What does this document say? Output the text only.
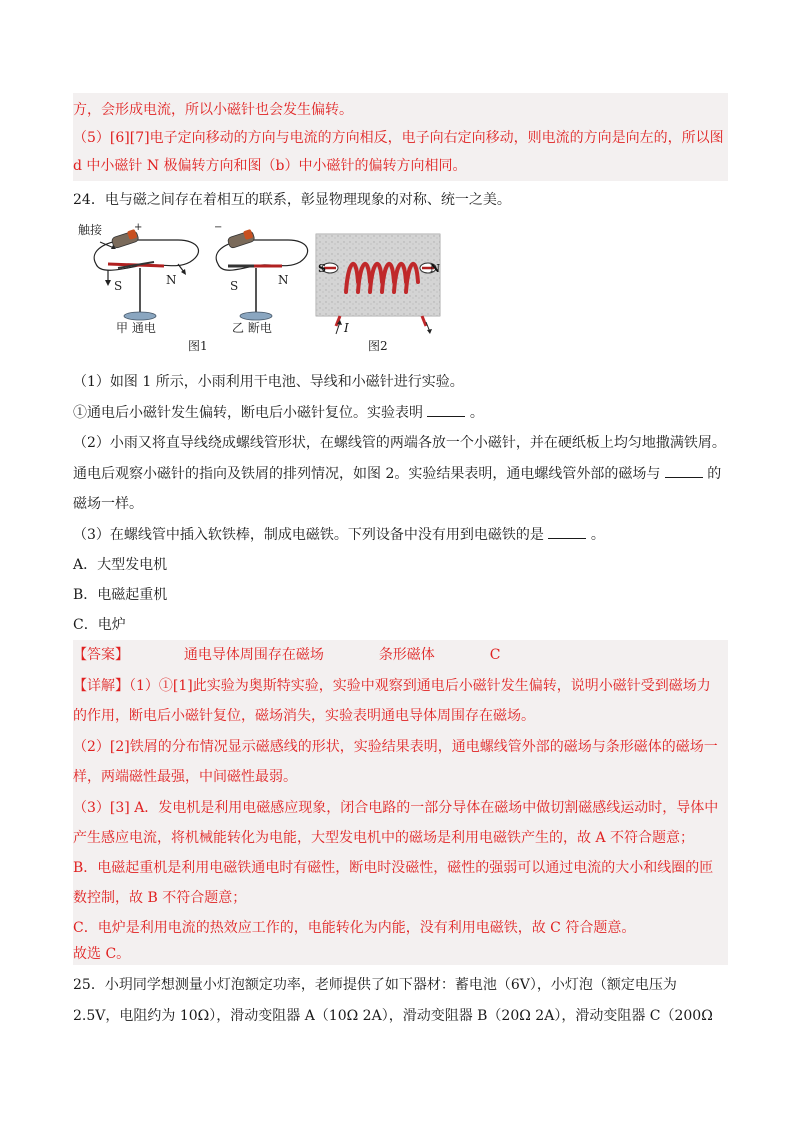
方，会形成电流，所以小磁针也会发生偏转。
（5）[6][7]电子定向移动的方向与电流的方向相反，电子向右定向移动，则电流的方向是向左的，所以图
d 中小磁针 N 极偏转方向和图（b）中小磁针的偏转方向相同。
24．电与磁之间存在着相互的联系，彰显物理现象的对称、统一之美。
触接	+
S	N
甲 通电
−
S	N
乙 断电
图1
S	N
I
图2
（1）如图 1 所示，小雨利用干电池、导线和小磁针进行实验。
①通电后小磁针发生偏转，断电后小磁针复位。实验表明	。
（2）小雨又将直导线绕成螺线管形状，在螺线管的两端各放一个小磁针，并在硬纸板上均匀地撒满铁屑。
通电后观察小磁针的指向及铁屑的排列情况，如图 2。实验结果表明，通电螺线管外部的磁场与	的
磁场一样。
（3）在螺线管中插入软铁棒，制成电磁铁。下列设备中没有用到电磁铁的是	。
A．大型发电机
B．电磁起重机
C．电炉
【答案】	通电导体周围存在磁场	条形磁体	C
【详解】（1）①[1]此实验为奥斯特实验，实验中观察到通电后小磁针发生偏转，说明小磁针受到磁场力
的作用，断电后小磁针复位，磁场消失，实验表明通电导体周围存在磁场。
（2）[2]铁屑的分布情况显示磁感线的形状，实验结果表明，通电螺线管外部的磁场与条形磁体的磁场一
样，两端磁性最强，中间磁性最弱。
（3）[3] A．发电机是利用电磁感应现象，闭合电路的一部分导体在磁场中做切割磁感线运动时，导体中
产生感应电流，将机械能转化为电能，大型发电机中的磁场是利用电磁铁产生的，故 A 不符合题意；
B．电磁起重机是利用电磁铁通电时有磁性，断电时没磁性，磁性的强弱可以通过电流的大小和线圈的匝
数控制，故 B 不符合题意；
C．电炉是利用电流的热效应工作的，电能转化为内能，没有利用电磁铁，故 C 符合题意。
故选 C。
25．小玥同学想测量小灯泡额定功率，老师提供了如下器材：蓄电池（6V），小灯泡（额定电压为
2.5V，电阻约为 10Ω），滑动变阻器 A（10Ω 2A），滑动变阻器 B（20Ω 2A），滑动变阻器 C（200Ω
